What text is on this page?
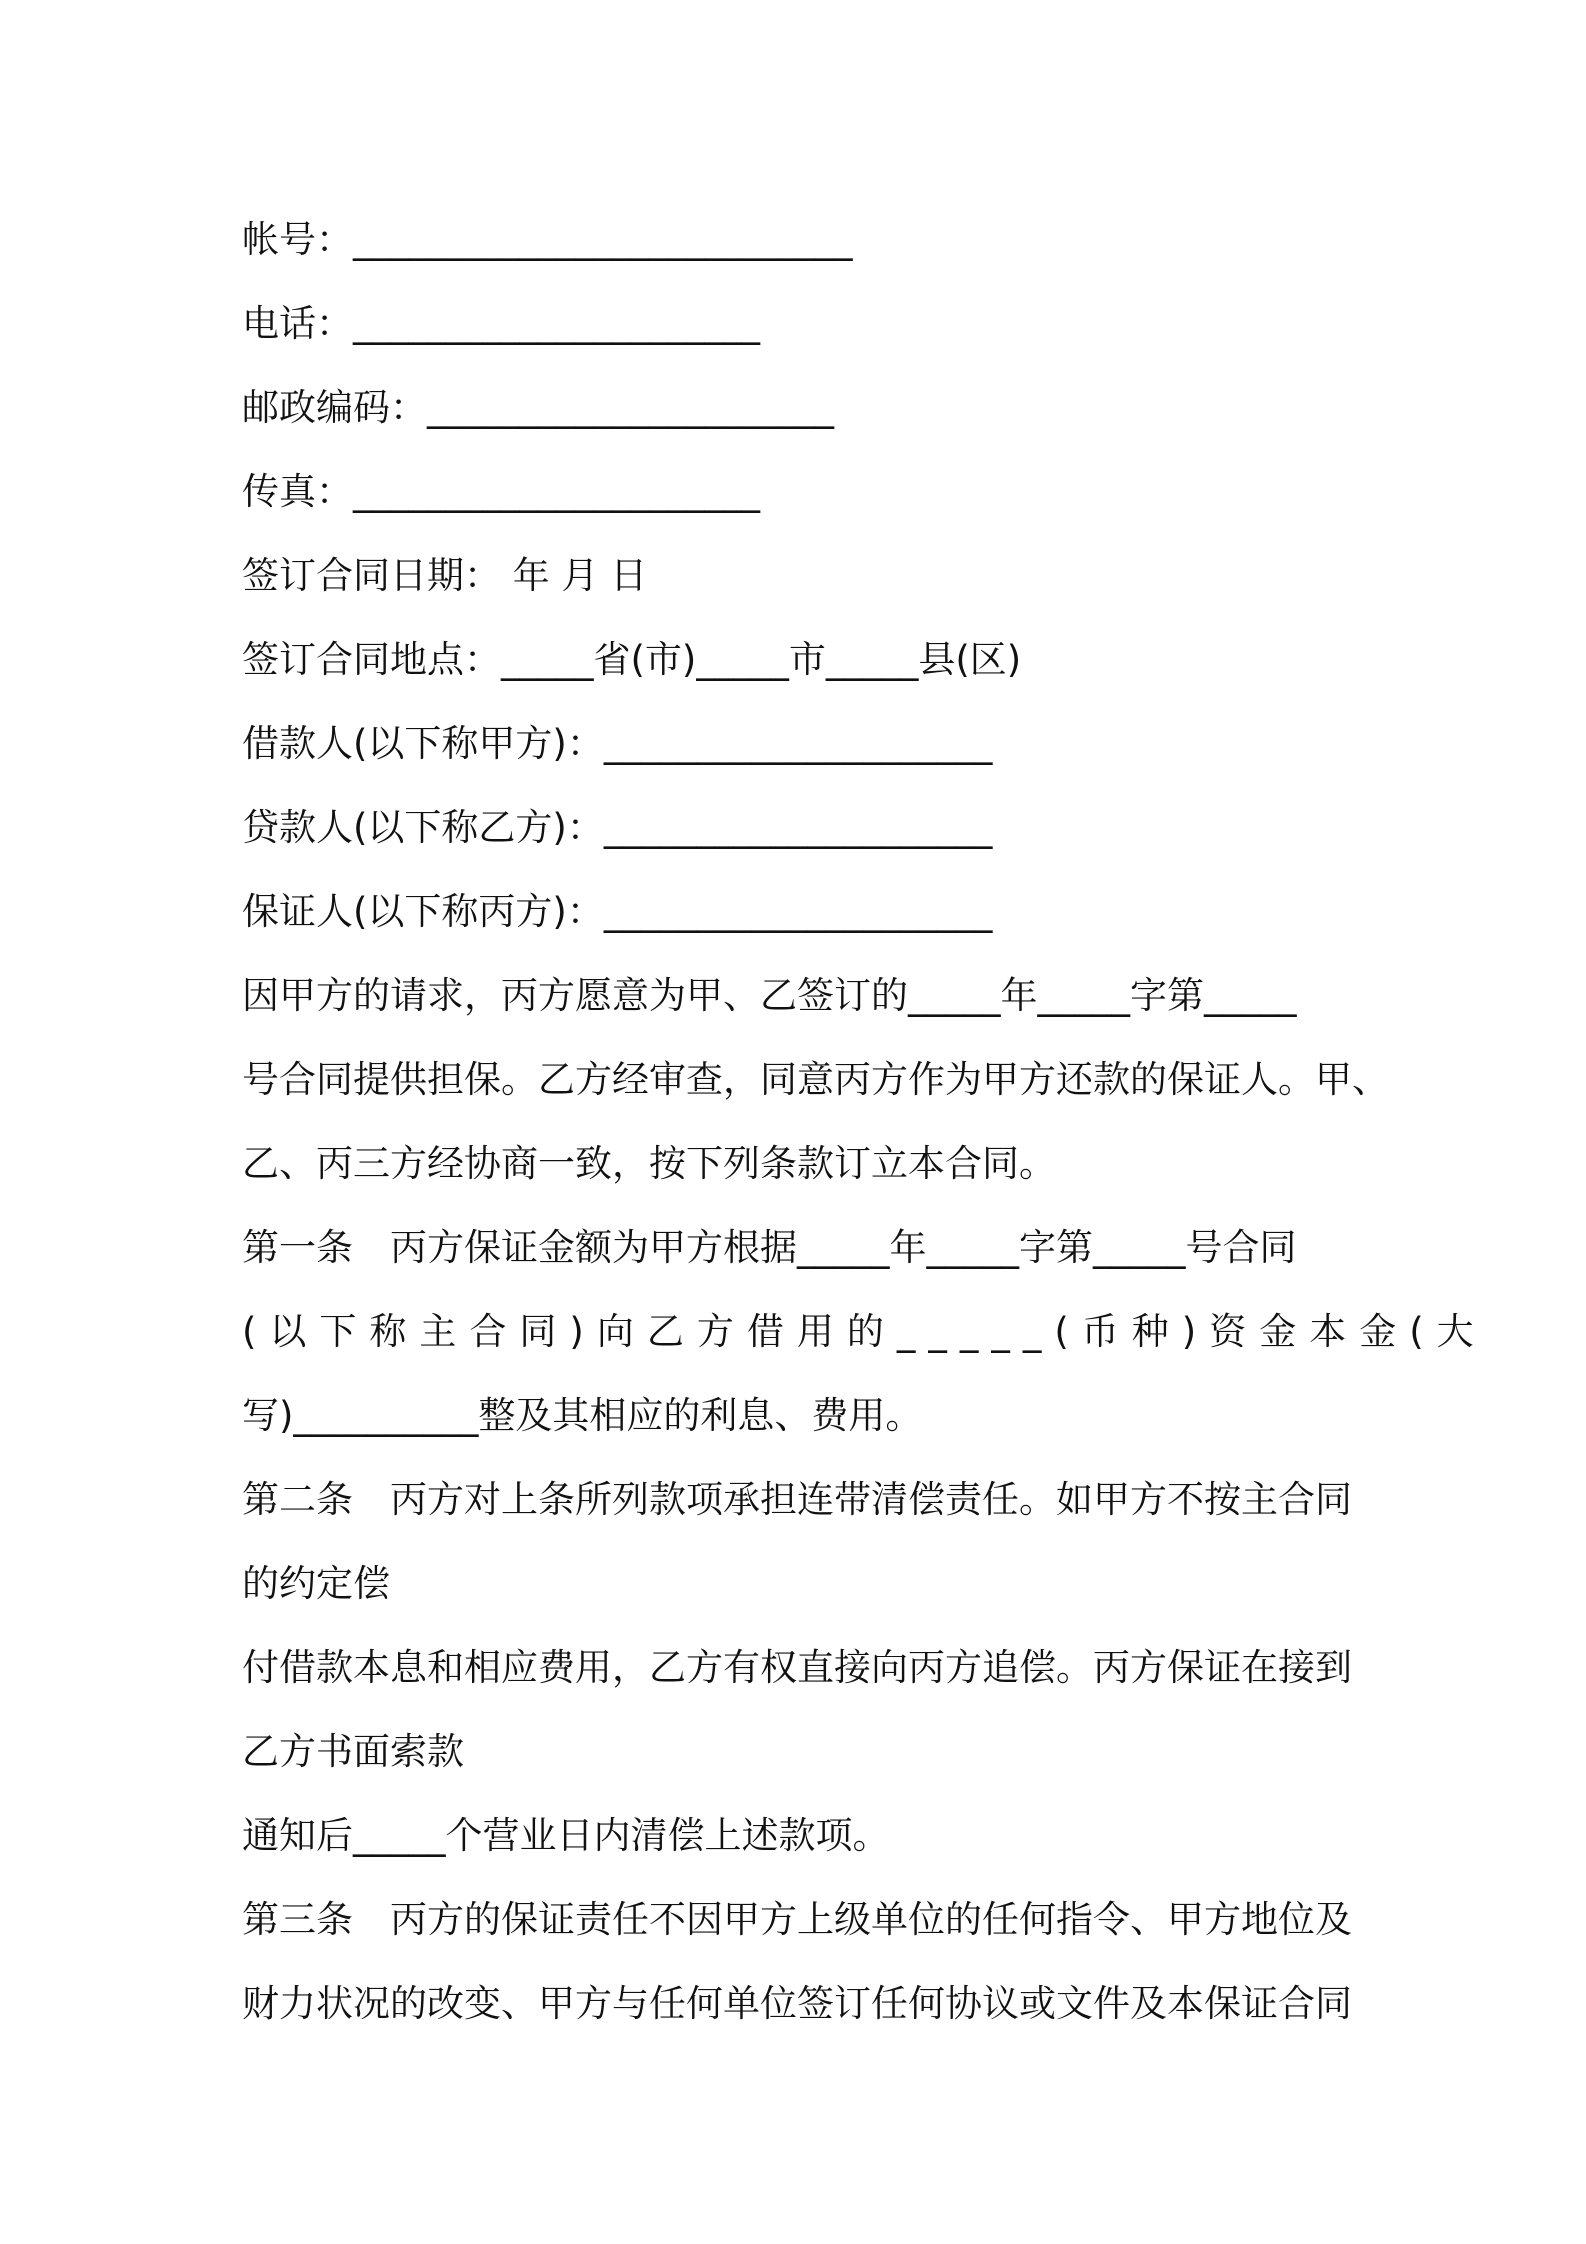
帐号：___________________________
电话：______________________
邮政编码：______________________
传真：______________________
签订合同日期： 年 月 日
签订合同地点：_____省(市)_____市_____县(区)
借款人(以下称甲方)：_____________________
贷款人(以下称乙方)：_____________________
保证人(以下称丙方)：_____________________
因甲方的请求，丙方愿意为甲、乙签订的_____年_____字第_____
号合同提供担保。乙方经审查，同意丙方作为甲方还款的保证人。甲、
乙、丙三方经协商一致，按下列条款订立本合同。
第一条　丙方保证金额为甲方根据_____年_____字第_____号合同
(以下称主合同)向乙方借用的_____(币种)资金本金(大
写)__________整及其相应的利息、费用。
第二条　丙方对上条所列款项承担连带清偿责任。如甲方不按主合同
的约定偿
付借款本息和相应费用，乙方有权直接向丙方追偿。丙方保证在接到
乙方书面索款
通知后_____个营业日内清偿上述款项。
第三条　丙方的保证责任不因甲方上级单位的任何指令、甲方地位及
财力状况的改变、甲方与任何单位签订任何协议或文件及本保证合同
